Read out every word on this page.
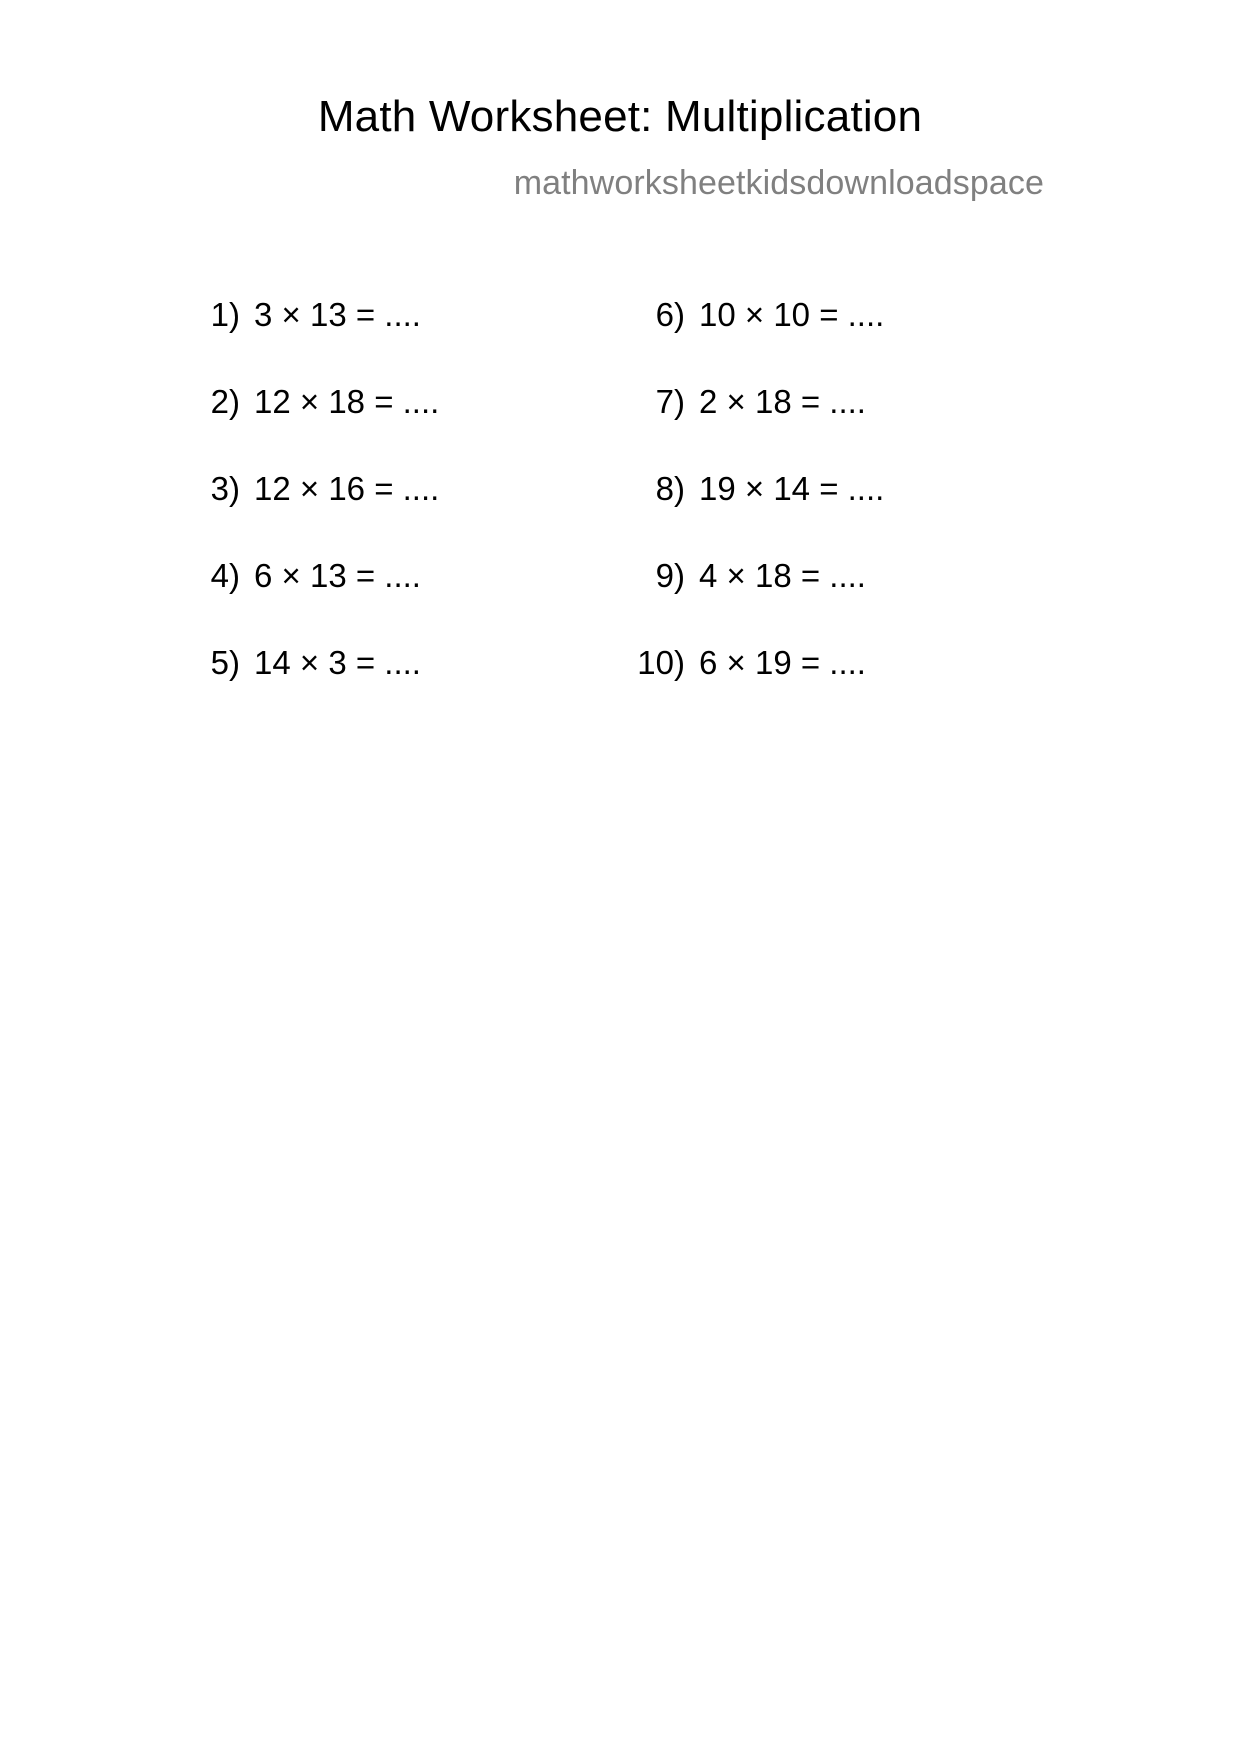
Math Worksheet: Multiplication
mathworksheetkidsdownloadspace
1) 3 × 13 = ....
2) 12 × 18 = ....
3) 12 × 16 = ....
4) 6 × 13 = ....
5) 14 × 3 = ....
6) 10 × 10 = ....
7) 2 × 18 = ....
8) 19 × 14 = ....
9) 4 × 18 = ....
10) 6 × 19 = ....
